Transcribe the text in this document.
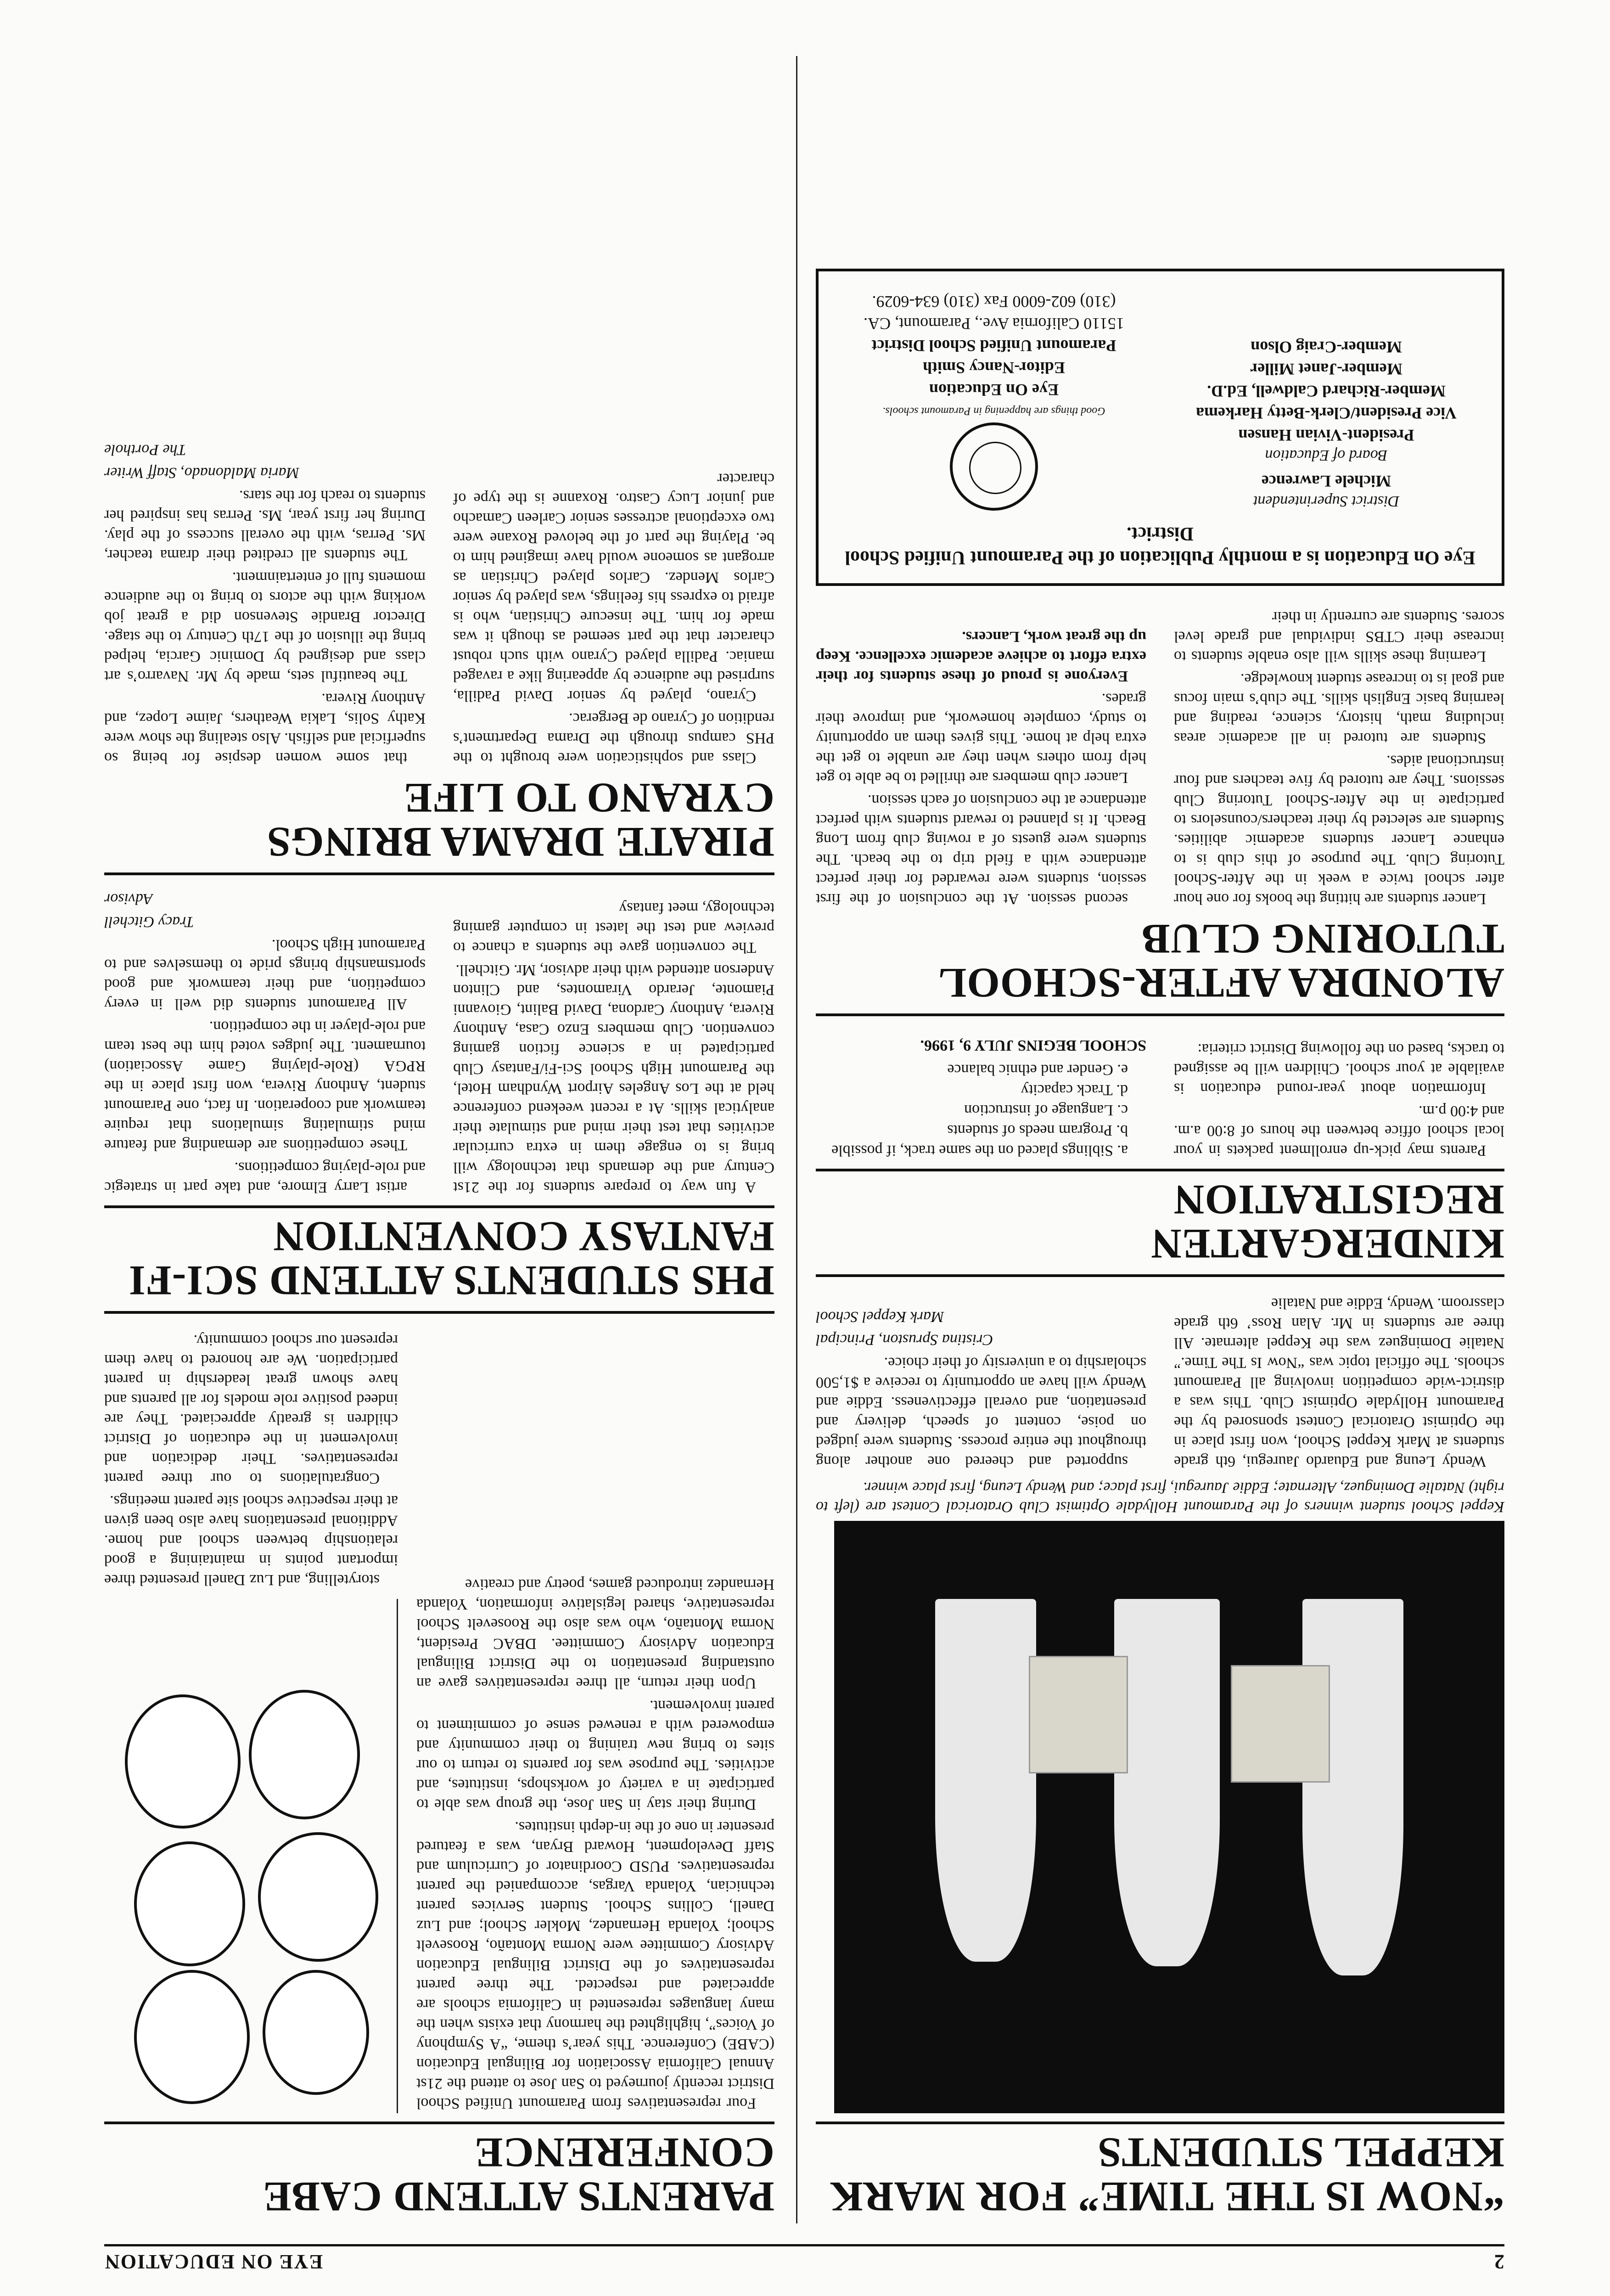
2
EYE ON EDUCATION
“NOW IS THE TIME” FOR MARK KEPPEL STUDENTS

Keppel School student winners of the Paramount Hollydale Optimist Club Oratorical Contest are (left to right) Natalie Dominguez, Alternate; Eddie Jauregui, first place; and Wendy Leung, first place winner.

Wendy Leung and Eduardo Jauregui, 6th grade students at Mark Keppel School, won first place in the Optimist Oratorical Contest sponsored by the Paramount Hollydale Optimist Club. This was a district-wide competition involving all Paramount schools. The official topic was “Now Is The Time.” Natalie Dominguez was the Keppel alternate. All three are students in Mr. Alan Ross’ 6th grade classroom. Wendy, Eddie and Natalie

supported and cheered one another along throughout the entire process. Students were judged on poise, content of speech, delivery and presentation, and overall effectiveness. Eddie and Wendy will have an opportunity to receive a $1,500 scholarship to a university of their choice.

Cristina Spruston, Principal

Mark Keppel School

KINDERGARTEN REGISTRATION

Parents may pick-up enrollment packets in your local school office between the hours of 8:00 a.m. and 4:00 p.m.

Information about year-round education is available at your school. Children will be assigned to tracks, based on the following District criteria:

a. Siblings placed on the same track, if possible
b. Program needs of students
c. Language of instruction
d. Track capacity
e. Gender and ethnic balance

SCHOOL BEGINS JULY 9, 1996.

ALONDRA AFTER-SCHOOL TUTORING CLUB

Lancer students are hitting the books for one hour after school twice a week in the After-School Tutoring Club. The purpose of this club is to enhance Lancer students academic abilities. Students are selected by their teachers/counselors to participate in the After-School Tutoring Club sessions. They are tutored by five teachers and four instructional aides.

Students are tutored in all academic areas including math, history, science, reading and learning basic English skills. The club’s main focus and goal is to increase student knowledge.

Learning these skills will also enable students to increase their CTBS individual and grade level scores. Students are currently in their

second session. At the conclusion of the first session, students were rewarded for their perfect attendance with a field trip to the beach. The students were guests of a rowing club from Long Beach. It is planned to reward students with perfect attendance at the conclusion of each session.

Lancer club members are thrilled to be able to get help from others when they are unable to get the extra help at home. This gives them an opportunity to study, complete homework, and improve their grades.

Everyone is proud of these students for their extra effort to achieve academic excellence. Keep up the great work, Lancers.

Eye On Education is a monthly Publication of the Paramount Unified School District.

District Superintendent

Michele Lawrence

Board of Education

President-Vivian Hansen

Vice President/Clerk-Betty Harkema

Member-Richard Caldwell, Ed.D.

Member-Janet Miller

Member-Craig Olson

Good things are happening in Paramount schools.

Eye On Education

Editor-Nancy Smith

Paramount Unified School District

15110 California Ave., Paramount, CA.

(310) 602-6000 Fax (310) 634-6029.

PARENTS ATTEND CABE CONFERENCE

Four representatives from Paramount Unified School District recently journeyed to San Jose to attend the 21st Annual California Association for Bilingual Education (CABE) Conference. This year’s theme, “A Symphony of Voices”, highlighted the harmony that exists when the many languages represented in California schools are appreciated and respected. The three parent representatives of the District Bilingual Education Advisory Committee were Norma Montaño, Roosevelt School; Yolanda Hernandez, Mokler School; and Luz Danell, Collins School. Student Services parent technician, Yolanda Vargas, accompanied the parent representatives. PUSD Coordinator of Curriculum and Staff Development, Howard Bryan, was a featured presenter in one of the in-depth institutes.

During their stay in San Jose, the group was able to participate in a variety of workshops, institutes, and activities. The purpose was for parents to return to our sites to bring new training to their community and empowered with a renewed sense of commitment to parent involvement.

Upon their return, all three representatives gave an outstanding presentation to the District Bilingual Education Advisory Committee. DBAC President, Norma Montaño, who was also the Roosevelt School representative, shared legislative information, Yolanda Hernandez introduced games, poetry and creative

storytelling, and Luz Danell presented three important points in maintaining a good relationship between school and home. Additional presentations have also been given at their respective school site parent meetings.

Congratulations to our three parent representatives. Their dedication and involvement in the education of District children is greatly appreciated. They are indeed positive role models for all parents and have shown great leadership in parent participation. We are honored to have them represent our school community.

PHS STUDENTS ATTEND SCI-FI FANTASY CONVENTION

A fun way to prepare students for the 21st Century and the demands that technology will bring is to engage them in extra curricular activities that test their mind and stimulate their analytical skills. At a recent weekend conference held at the Los Angeles Airport Wyndham Hotel, the Paramount High School Sci-Fi/Fantasy Club participated in a science fiction gaming convention. Club members Enzo Casa, Anthony Rivera, Anthony Cardona, David Balint, Giovanni Piamonte, Jerardo Viramontes, and Clinton Anderson attended with their advisor, Mr. Gitchell.

The convention gave the students a chance to preview and test the latest in computer gaming technology, meet fantasy

artist Larry Elmore, and take part in strategic and role-playing competitions.

These competitions are demanding and feature mind stimulating simulations that require teamwork and cooperation. In fact, one Paramount student, Anthony Rivera, won first place in the RPGA (Role-playing Game Association) tournament. The judges voted him the best team and role-player in the competition.

All Paramount students did well in every competition, and their teamwork and good sportsmanship brings pride to themselves and to Paramount High School.

Tracy Gitchell

Advisor

PIRATE DRAMA BRINGS CYRANO TO LIFE

Class and sophistication were brought to the PHS campus through the Drama Department’s rendition of Cyrano de Bergerac.

Cyrano, played by senior David Padilla, surprised the audience by appearing like a ravaged maniac. Padilla played Cyrano with such robust character that the part seemed as though it was made for him. The insecure Christian, who is afraid to express his feelings, was played by senior Carlos Mendez. Carlos played Christian as arrogant as someone would have imagined him to be. Playing the part of the beloved Roxane were two exceptional actresses senior Carleen Camacho and junior Lucy Castro. Roxanne is the type of character

that some women despise for being so superficial and selfish. Also stealing the show were Kathy Solis, Lakia Weathers, Jaime Lopez, and Anthony Rivera.

The beautiful sets, made by Mr. Navarro’s art class and designed by Dominic Garcia, helped bring the illusion of the 17th Century to the stage. Director Brandie Stevenson did a great job working with the actors to bring to the audience moments full of entertainment.

The students all credited their drama teacher, Ms. Perras, with the overall success of the play. During her first year, Ms. Perras has inspired her students to reach for the stars.

Maria Maldonado, Staff Writer

The Porthole
